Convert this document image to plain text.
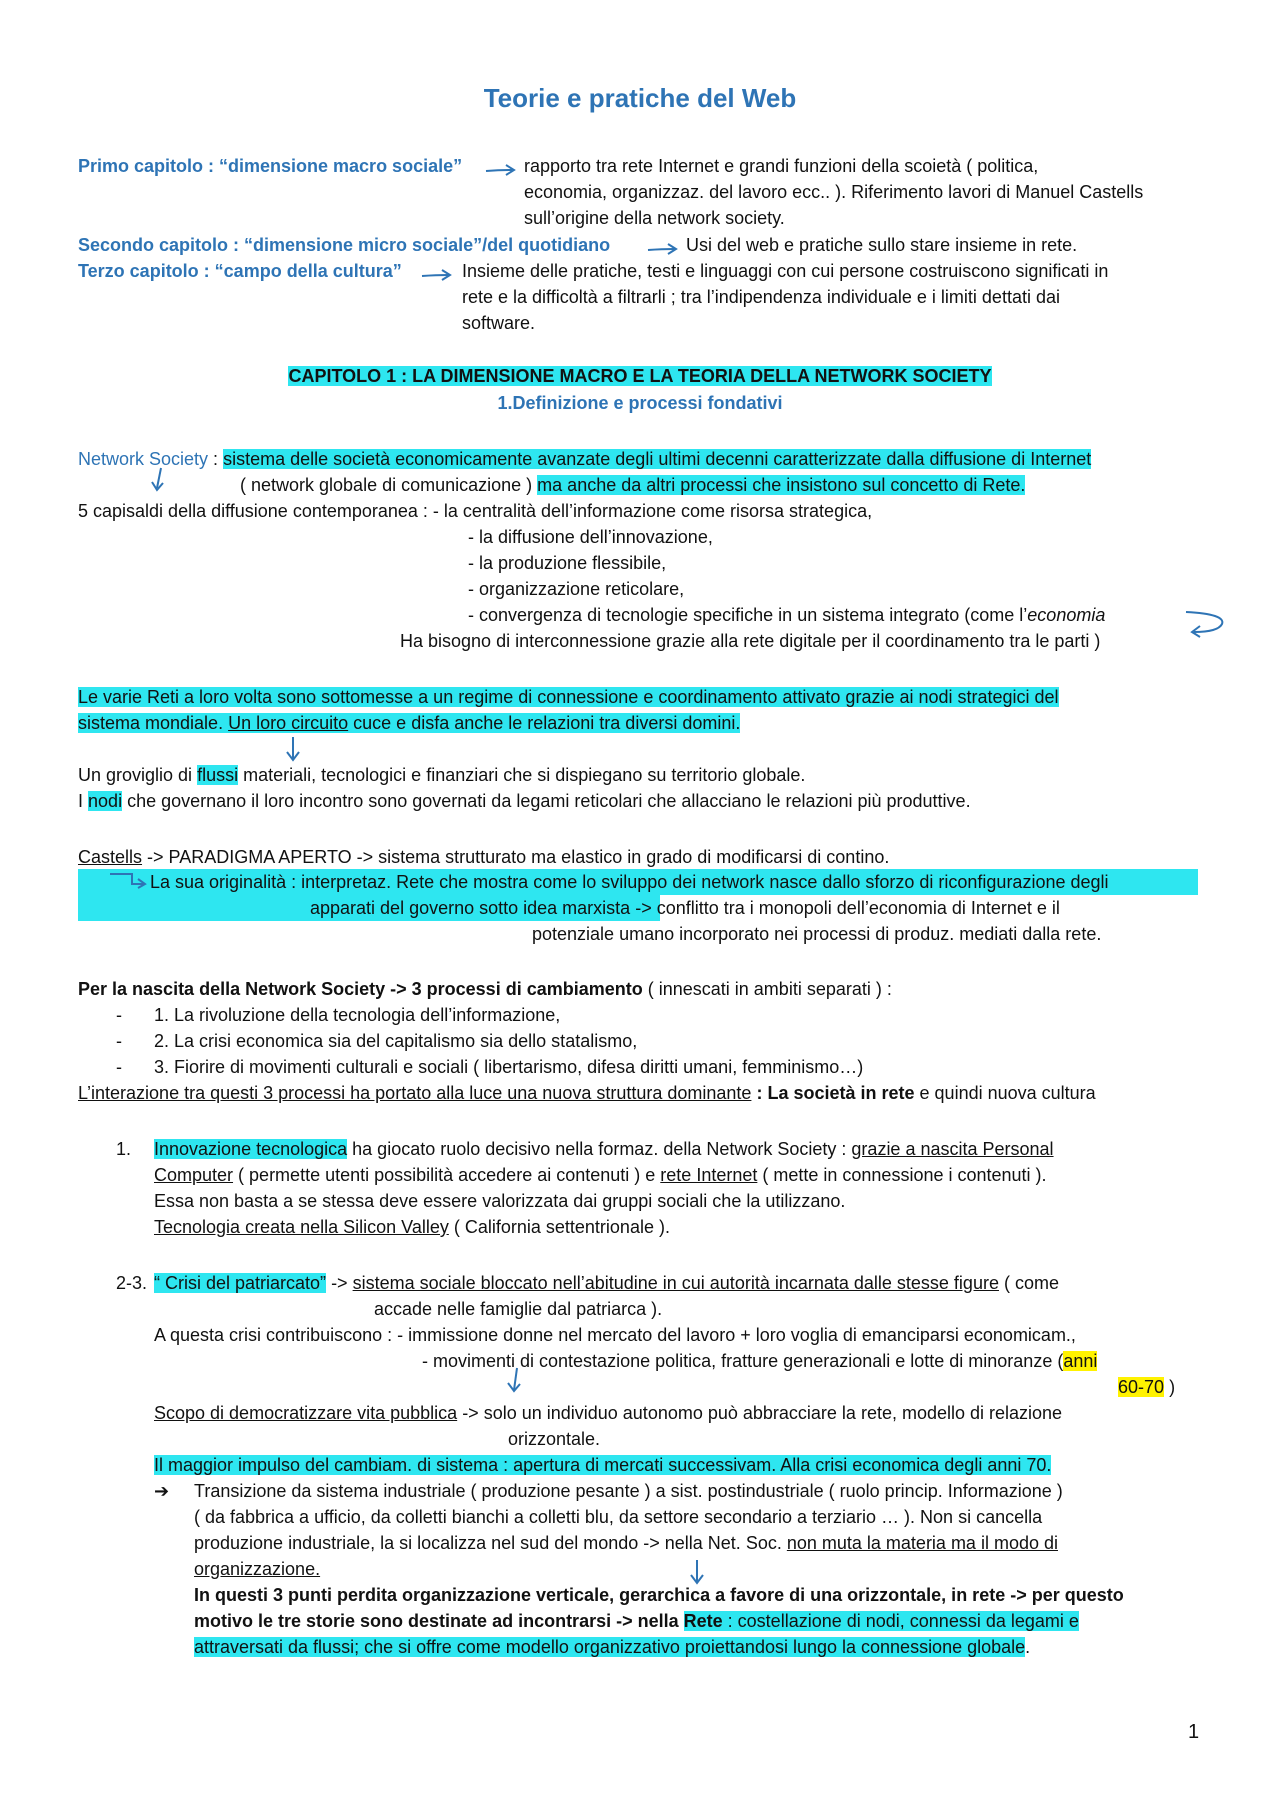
Teorie e pratiche del Web
Primo capitolo : “dimensione macro sociale”	rapporto tra rete Internet e grandi funzioni della scoietà ( politica,
economia, organizzaz. del lavoro ecc.. ). Riferimento lavori di Manuel Castells
sull’origine della network society.
Secondo capitolo : “dimensione micro sociale”/del quotidiano	Usi del web e pratiche sullo stare insieme in rete.
Terzo capitolo : “campo della cultura”	Insieme delle pratiche, testi e linguaggi con cui persone costruiscono significati in
rete e la difficoltà a filtrarli ; tra l’indipendenza individuale e i limiti dettati dai
software.
CAPITOLO 1 : LA DIMENSIONE MACRO E LA TEORIA DELLA NETWORK SOCIETY
1.Definizione e processi fondativi
Network Society : sistema delle società economicamente avanzate degli ultimi decenni caratterizzate dalla diffusione di Internet
( network globale di comunicazione ) ma anche da altri processi che insistono sul concetto di Rete.
5 capisaldi della diffusione contemporanea : - la centralità dell’informazione come risorsa strategica,
- la diffusione dell’innovazione,
- la produzione flessibile,
- organizzazione reticolare,
- convergenza di tecnologie specifiche in un sistema integrato (come l’economia
Ha bisogno di interconnessione grazie alla rete digitale per il coordinamento tra le parti )
Le varie Reti a loro volta sono sottomesse a un regime di connessione e coordinamento attivato grazie ai nodi strategici del
sistema mondiale. Un loro circuito cuce e disfa anche le relazioni tra diversi domini.
Un groviglio di flussi materiali, tecnologici e finanziari che si dispiegano su territorio globale.
I nodi che governano il loro incontro sono governati da legami reticolari che allacciano le relazioni più produttive.
Castells -> PARADIGMA APERTO -> sistema strutturato ma elastico in grado di modificarsi di contino.
La sua originalità : interpretaz. Rete che mostra come lo sviluppo dei network nasce dallo sforzo di riconfigurazione degli
apparati del governo sotto idea marxista -> conflitto tra i monopoli dell’economia di Internet e il
potenziale umano incorporato nei processi di produz. mediati dalla rete.
Per la nascita della Network Society -> 3 processi di cambiamento ( innescati in ambiti separati ) :
- 1. La rivoluzione della tecnologia dell’informazione,
- 2. La crisi economica sia del capitalismo sia dello statalismo,
- 3. Fiorire di movimenti culturali e sociali ( libertarismo, difesa diritti umani, femminismo…)
L’interazione tra questi 3 processi ha portato alla luce una nuova struttura dominante : La società in rete e quindi nuova cultura
1. Innovazione tecnologica ha giocato ruolo decisivo nella formaz. della Network Society : grazie a nascita Personal
Computer ( permette utenti possibilità accedere ai contenuti ) e rete Internet ( mette in connessione i contenuti ).
Essa non basta a se stessa deve essere valorizzata dai gruppi sociali che la utilizzano.
Tecnologia creata nella Silicon Valley ( California settentrionale ).
2-3. “ Crisi del patriarcato” -> sistema sociale bloccato nell’abitudine in cui autorità incarnata dalle stesse figure ( come
accade nelle famiglie dal patriarca ).
A questa crisi contribuiscono : - immissione donne nel mercato del lavoro + loro voglia di emanciparsi economicam.,
- movimenti di contestazione politica, fratture generazionali e lotte di minoranze (anni
60-70 )
Scopo di democratizzare vita pubblica -> solo un individuo autonomo può abbracciare la rete, modello di relazione
orizzontale.
Il maggior impulso del cambiam. di sistema : apertura di mercati successivam. Alla crisi economica degli anni 70.
➔ Transizione da sistema industriale ( produzione pesante ) a sist. postindustriale ( ruolo princip. Informazione )
( da fabbrica a ufficio, da colletti bianchi a colletti blu, da settore secondario a terziario … ). Non si cancella
produzione industriale, la si localizza nel sud del mondo -> nella Net. Soc. non muta la materia ma il modo di
organizzazione.
In questi 3 punti perdita organizzazione verticale, gerarchica a favore di una orizzontale, in rete -> per questo
motivo le tre storie sono destinate ad incontrarsi -> nella Rete : costellazione di nodi, connessi da legami e
attraversati da flussi; che si offre come modello organizzativo proiettandosi lungo la connessione globale.
1
